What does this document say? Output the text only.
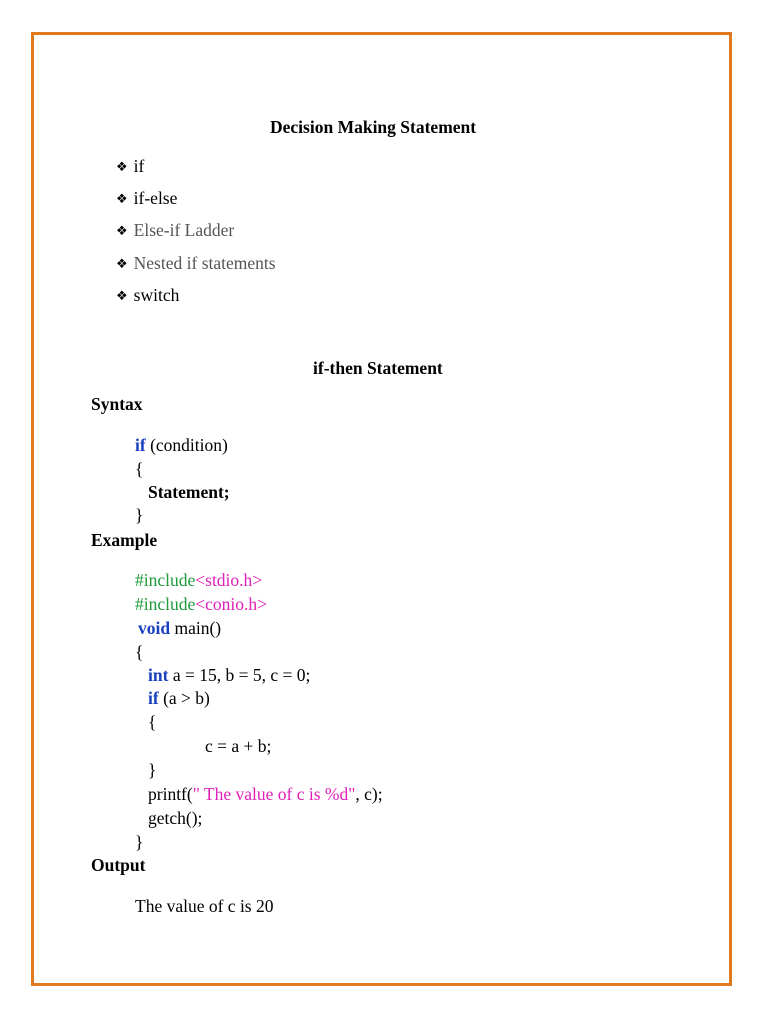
Decision Making Statement
❖ if
❖ if-else
❖ Else-if Ladder
❖ Nested if statements
❖ switch
if-then Statement
Syntax
if (condition)
{
Statement;
}
Example
#include<stdio.h>
#include<conio.h>
void main()
{
int a = 15, b = 5, c = 0;
if (a > b)
{
c = a + b;
}
printf(" The value of c is %d", c);
getch();
}
Output
The value of c is 20
